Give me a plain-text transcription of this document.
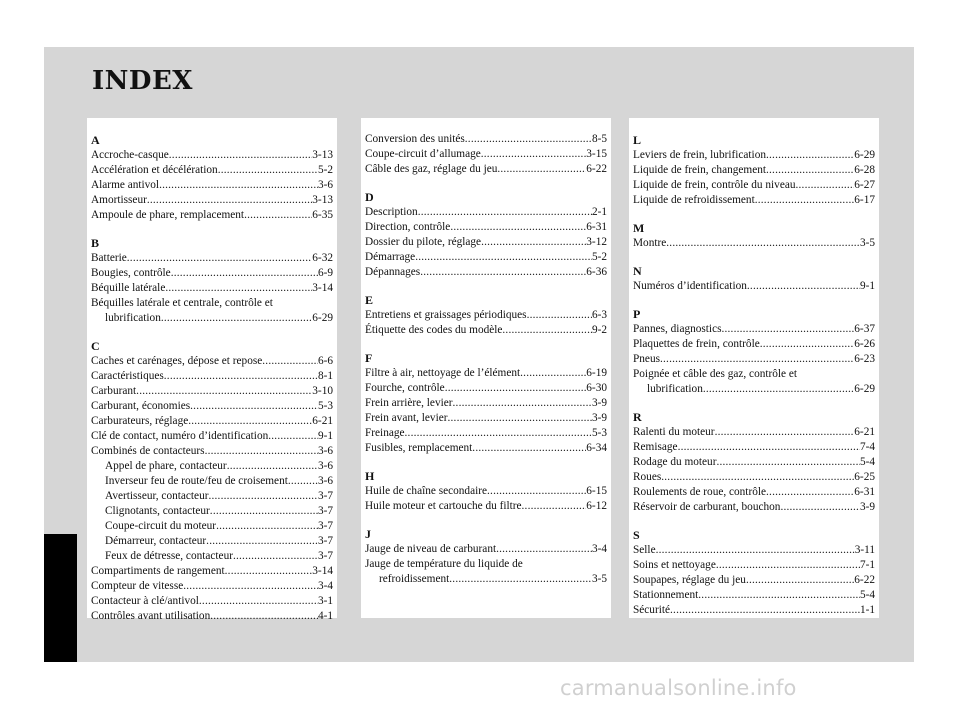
INDEX
A
Accroche-casque .....	3-13
Accélération et décélération .....	5-2
Alarme antivol .....	3-6
Amortisseur .....	3-13
Ampoule de phare, remplacement .....	6-35
B
Batterie .....	6-32
Bougies, contrôle .....	6-9
Béquille latérale .....	3-14
Béquilles latérale et centrale, contrôle et
lubrification .....	6-29
C
Caches et carénages, dépose et repose .....	6-6
Caractéristiques .....	8-1
Carburant .....	3-10
Carburant, économies .....	5-3
Carburateurs, réglage .....	6-21
Clé de contact, numéro d’identification .....	9-1
Combinés de contacteurs .....	3-6
Appel de phare, contacteur .....	3-6
Inverseur feu de route/feu de croisement .....	3-6
Avertisseur, contacteur .....	3-7
Clignotants, contacteur .....	3-7
Coupe-circuit du moteur .....	3-7
Démarreur, contacteur .....	3-7
Feux de détresse, contacteur .....	3-7
Compartiments de rangement .....	3-14
Compteur de vitesse .....	3-4
Contacteur à clé/antivol .....	3-1
Contrôles avant utilisation .....	4-1
Conversion des unités .....	8-5
Coupe-circuit d’allumage .....	3-15
Câble des gaz, réglage du jeu .....	6-22
D
Description .....	2-1
Direction, contrôle .....	6-31
Dossier du pilote, réglage .....	3-12
Démarrage .....	5-2
Dépannages .....	6-36
E
Entretiens et graissages périodiques .....	6-3
Étiquette des codes du modèle .....	9-2
F
Filtre à air, nettoyage de l’élément .....	6-19
Fourche, contrôle .....	6-30
Frein arrière, levier .....	3-9
Frein avant, levier .....	3-9
Freinage .....	5-3
Fusibles, remplacement .....	6-34
H
Huile de chaîne secondaire .....	6-15
Huile moteur et cartouche du filtre .....	6-12
J
Jauge de niveau de carburant .....	3-4
Jauge de température du liquide de
refroidissement .....	3-5
L
Leviers de frein, lubrification .....	6-29
Liquide de frein, changement .....	6-28
Liquide de frein, contrôle du niveau .....	6-27
Liquide de refroidissement .....	6-17
M
Montre .....	3-5
N
Numéros d’identification .....	9-1
P
Pannes, diagnostics .....	6-37
Plaquettes de frein, contrôle .....	6-26
Pneus .....	6-23
Poignée et câble des gaz, contrôle et
lubrification .....	6-29
R
Ralenti du moteur .....	6-21
Remisage .....	7-4
Rodage du moteur .....	5-4
Roues .....	6-25
Roulements de roue, contrôle .....	6-31
Réservoir de carburant, bouchon .....	3-9
S
Selle .....	3-11
Soins et nettoyage .....	7-1
Soupapes, réglage du jeu .....	6-22
Stationnement .....	5-4
Sécurité .....	1-1
carmanualsonline.info
